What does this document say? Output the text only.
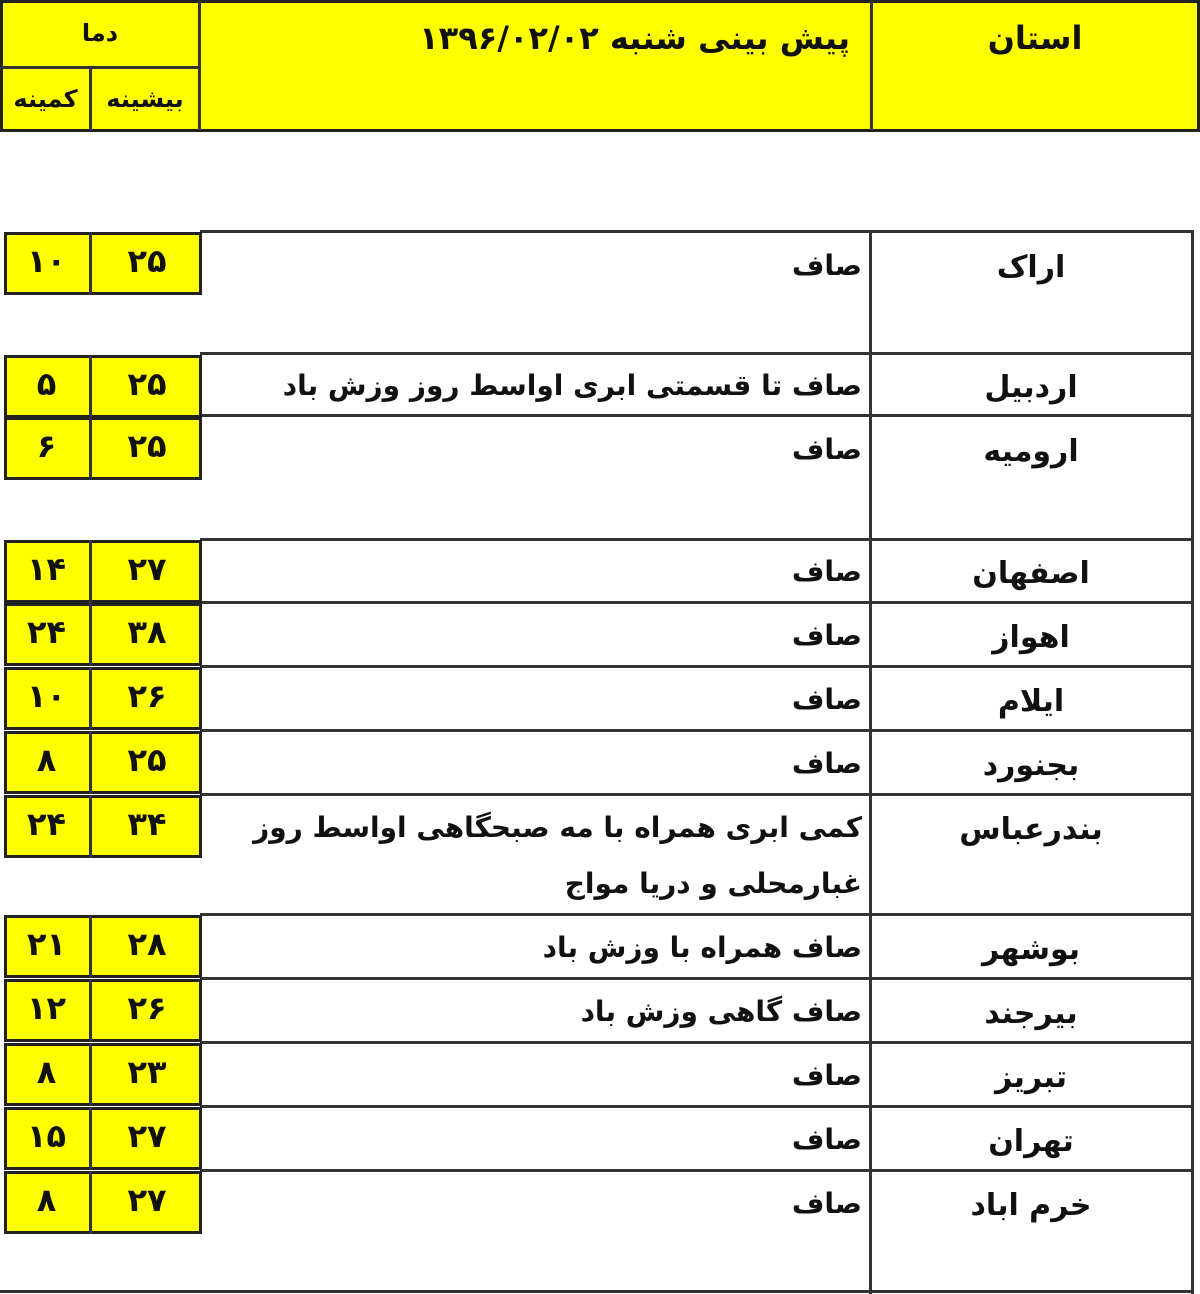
استان
پیش بینی شنبه ۱۳۹۶/۰۲/۰۲
دما
بیشینه
کمینه
اراک
صاف
۲۵
۱۰
اردبیل
صاف تا قسمتی ابری اواسط روز وزش باد
۲۵
۵
ارومیه
صاف
۲۵
۶
اصفهان
صاف
۲۷
۱۴
اهواز
صاف
۳۸
۲۴
ایلام
صاف
۲۶
۱۰
بجنورد
صاف
۲۵
۸
بندرعباس
کمی ابری همراه با مه صبحگاهی اواسط روز غبارمحلی و دریا مواج
۳۴
۲۴
بوشهر
صاف همراه با وزش باد
۲۸
۲۱
بیرجند
صاف گاهی وزش باد
۲۶
۱۲
تبریز
صاف
۲۳
۸
تهران
صاف
۲۷
۱۵
خرم اباد
صاف
۲۷
۸
